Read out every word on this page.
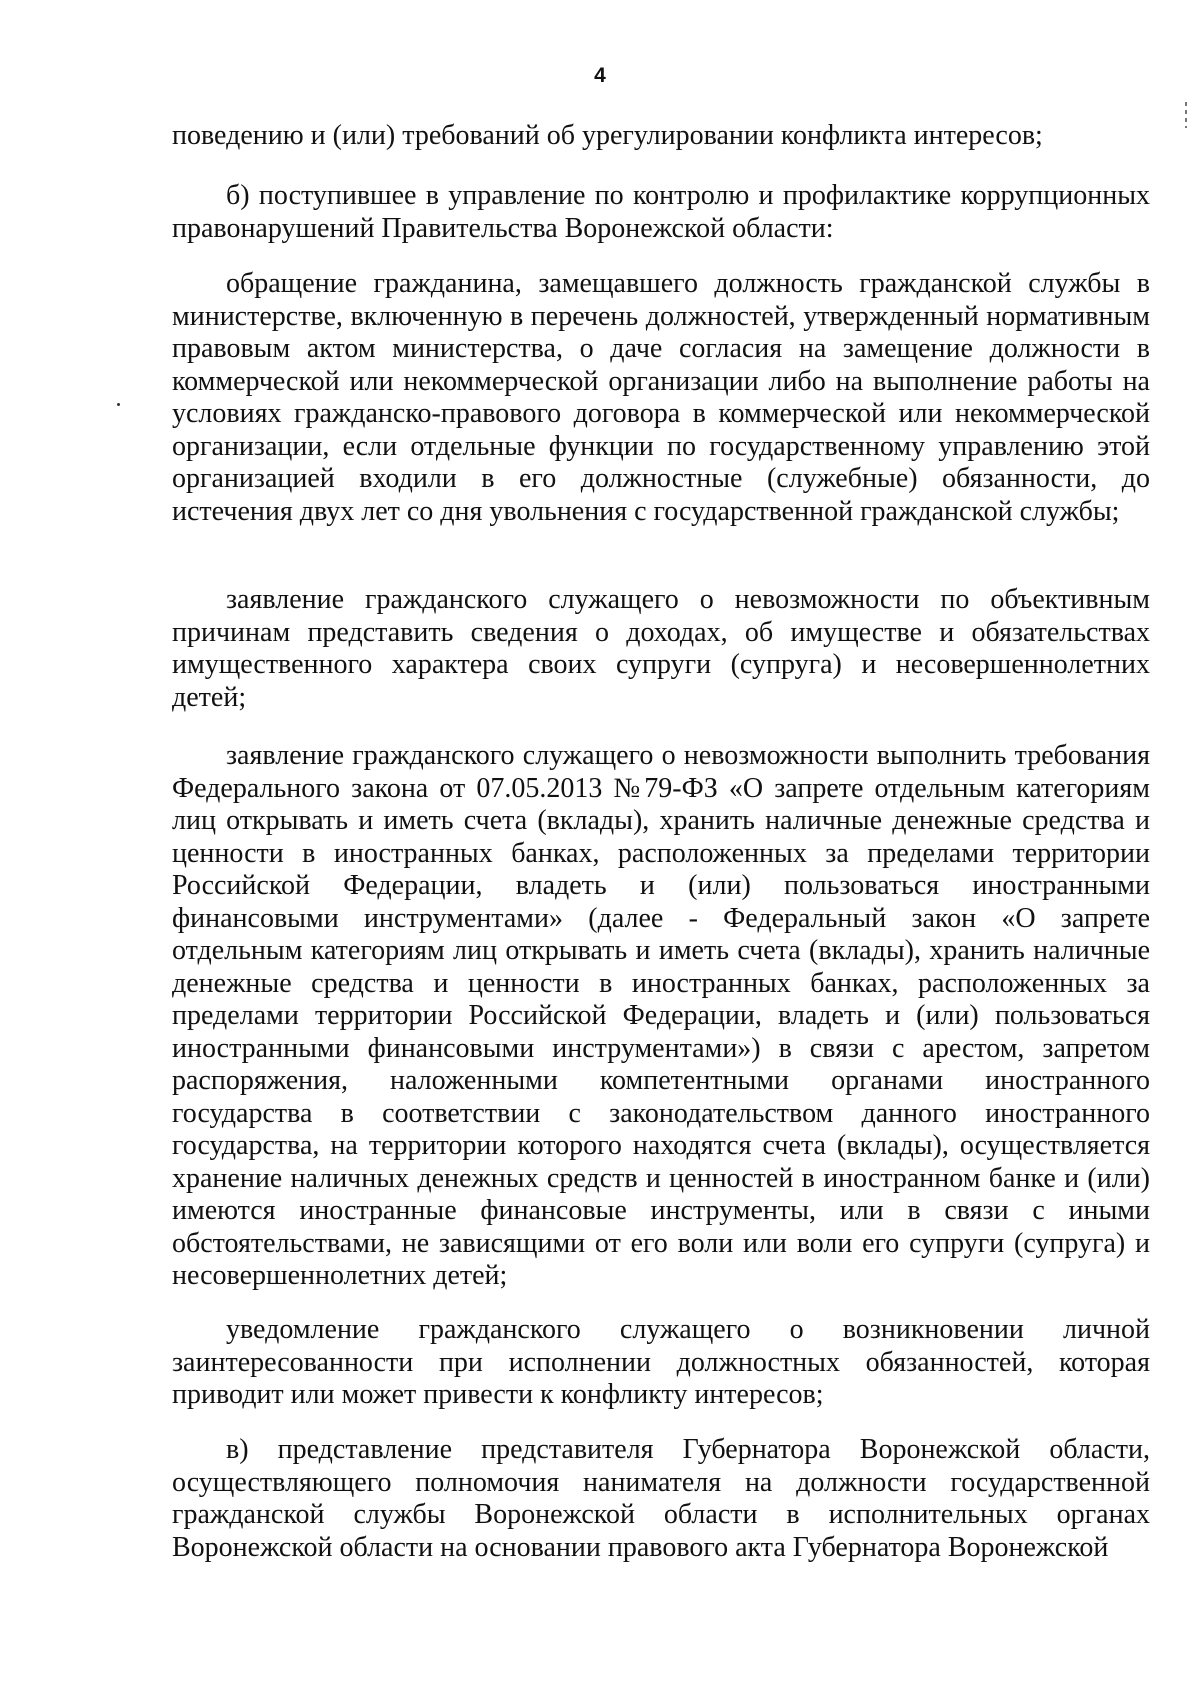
4

поведению и (или) требований об урегулировании конфликта интересов;

б) поступившее в управление по контролю и профилактике коррупционных правонарушений Правительства Воронежской области:

обращение гражданина, замещавшего должность гражданской службы в министерстве, включенную в перечень должностей, утвержденный нормативным правовым актом министерства, о даче согласия на замещение должности в коммерческой или некоммерческой организации либо на выполнение работы на условиях гражданско-правового договора в коммерческой или некоммерческой организации, если отдельные функции по государственному управлению этой организацией входили в его должностные (служебные) обязанности, до истечения двух лет со дня увольнения с государственной гражданской службы;

заявление гражданского служащего о невозможности по объективным причинам представить сведения о доходах, об имуществе и обязательствах имущественного характера своих супруги (супруга) и несовершеннолетних детей;

заявление гражданского служащего о невозможности выполнить требования Федерального закона от 07.05.2013 №79-ФЗ «О запрете отдельным категориям лиц открывать и иметь счета (вклады), хранить наличные денежные средства и ценности в иностранных банках, расположенных за пределами территории Российской Федерации, владеть и (или) пользоваться иностранными финансовыми инструментами» (далее - Федеральный закон «О запрете отдельным категориям лиц открывать и иметь счета (вклады), хранить наличные денежные средства и ценности в иностранных банках, расположенных за пределами территории Российской Федерации, владеть и (или) пользоваться иностранными финансовыми инструментами») в связи с арестом, запретом распоряжения, наложенными компетентными органами иностранного государства в соответствии с законодательством данного иностранного государства, на территории которого находятся счета (вклады), осуществляется хранение наличных денежных средств и ценностей в иностранном банке и (или) имеются иностранные финансовые инструменты, или в связи с иными обстоятельствами, не зависящими от его воли или воли его супруги (супруга) и несовершеннолетних детей;

уведомление гражданского служащего о возникновении личной заинтересованности при исполнении должностных обязанностей, которая приводит или может привести к конфликту интересов;

в) представление представителя Губернатора Воронежской области, осуществляющего полномочия нанимателя на должности государственной гражданской службы Воронежской области в исполнительных органах Воронежской области на основании правового акта Губернатора Воронежской
